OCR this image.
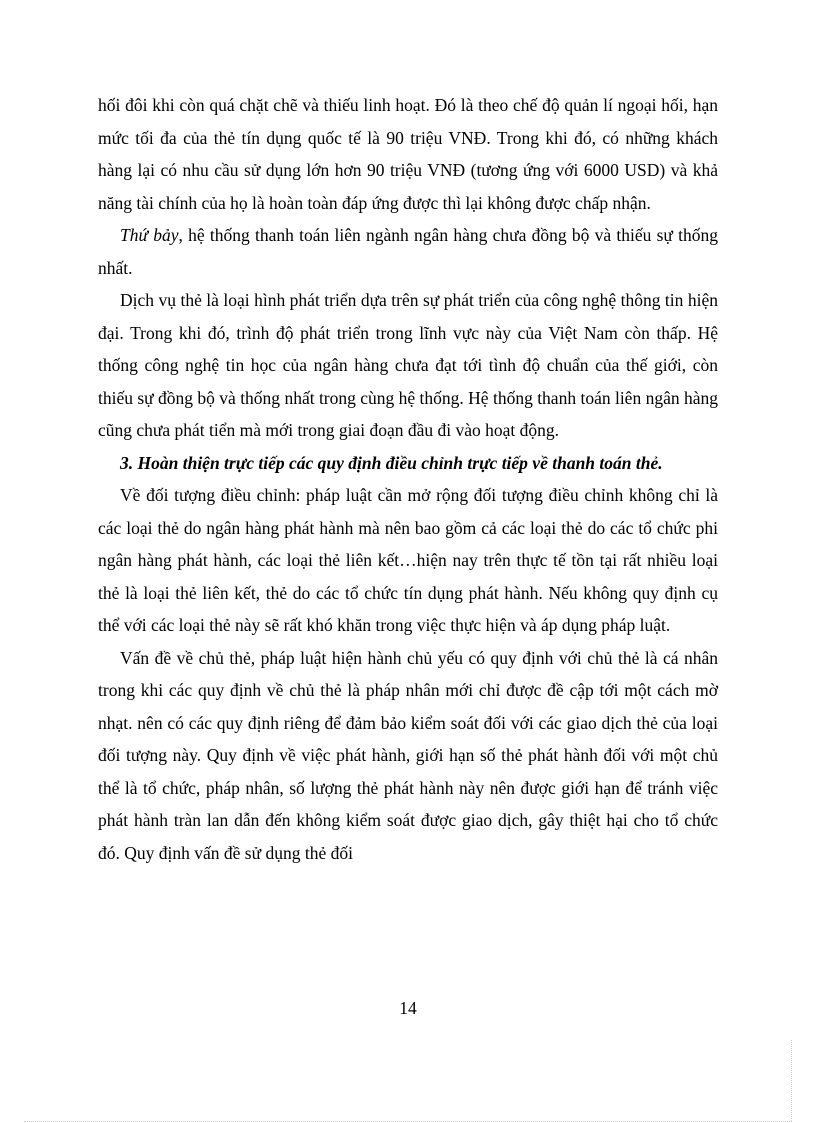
hối đôi khi còn quá chặt chẽ và thiếu linh hoạt. Đó là theo chế độ quản lí ngoại hối, hạn mức tối đa của thẻ tín dụng quốc tế là 90 triệu VNĐ. Trong khi đó, có những khách hàng lại có nhu cầu sử dụng lớn hơn 90 triệu VNĐ (tương ứng với 6000 USD) và khả năng tài chính của họ là hoàn toàn đáp ứng được thì lại không được chấp nhận.

Thứ bảy, hệ thống thanh toán liên ngành ngân hàng chưa đồng bộ và thiếu sự thống nhất.

Dịch vụ thẻ là loại hình phát triển dựa trên sự phát triển của công nghệ thông tin hiện đại. Trong khi đó, trình độ phát triển trong lĩnh vực này của Việt Nam còn thấp. Hệ thống công nghệ tin học của ngân hàng chưa đạt tới tình độ chuẩn của thế giới, còn thiếu sự đồng bộ và thống nhất trong cùng hệ thống. Hệ thống thanh toán liên ngân hàng cũng chưa phát tiển mà mới trong giai đoạn đầu đi vào hoạt động.

3. Hoàn thiện trực tiếp các quy định điều chỉnh trực tiếp về thanh toán thẻ.

Về đối tượng điều chỉnh: pháp luật cần mở rộng đối tượng điều chỉnh không chỉ là các loại thẻ do ngân hàng phát hành mà nên bao gồm cả các loại thẻ do các tổ chức phi ngân hàng phát hành, các loại thẻ liên kết…hiện nay trên thực tế tồn tại rất nhiều loại thẻ là loại thẻ liên kết, thẻ do các tổ chức tín dụng phát hành. Nếu không quy định cụ thể với các loại thẻ này sẽ rất khó khăn trong việc thực hiện và áp dụng pháp luật.

Vấn đề về chủ thẻ, pháp luật hiện hành chủ yếu có quy định với chủ thẻ là cá nhân trong khi các quy định về chủ thẻ là pháp nhân mới chỉ được đề cập tới một cách mờ nhạt. nên có các quy định riêng để đảm bảo kiểm soát đối với các giao dịch thẻ của loại đối tượng này. Quy định về việc phát hành, giới hạn số thẻ phát hành đối với một chủ thể là tổ chức, pháp nhân, số lượng thẻ phát hành này nên được giới hạn để tránh việc phát hành tràn lan dẫn đến không kiểm soát được giao dịch, gây thiệt hại cho tổ chức đó. Quy định vấn đề sử dụng thẻ đối

14
